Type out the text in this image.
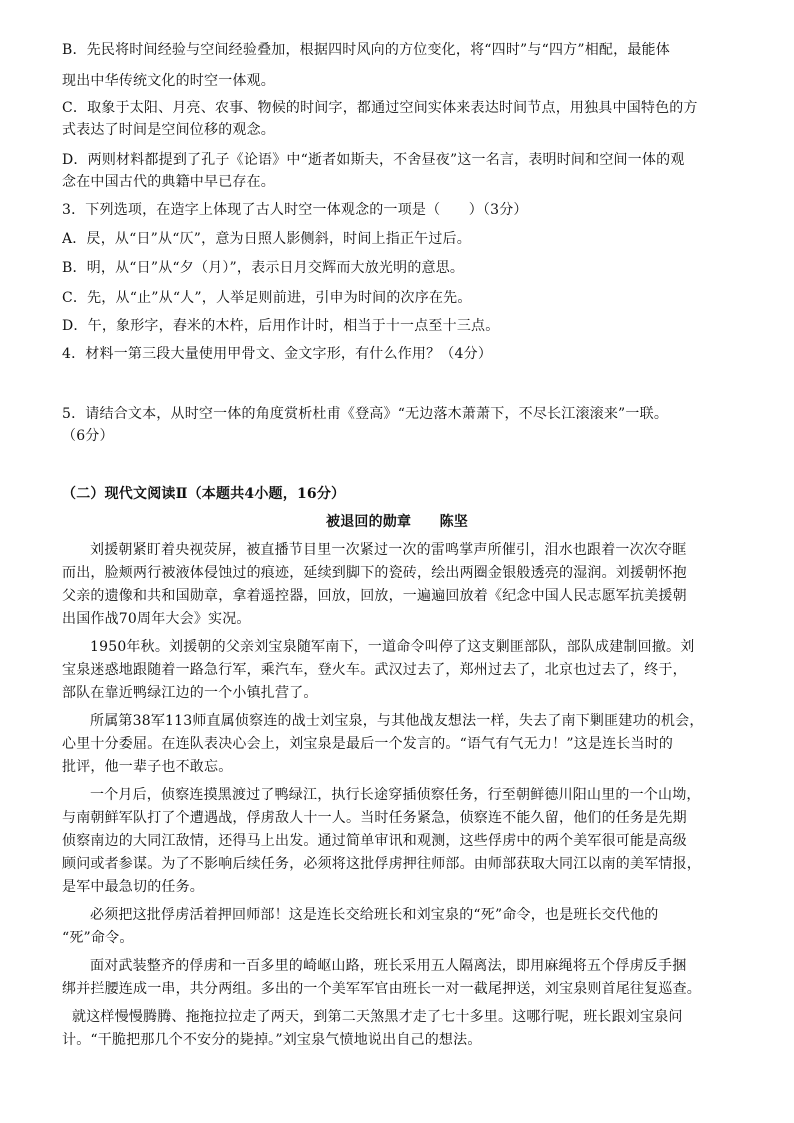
B．先民将时间经验与空间经验叠加，根据四时风向的方位变化，将“四时”与“四方”相配，最能体
现出中华传统文化的时空一体观。
C．取象于太阳、月亮、农事、物候的时间字，都通过空间实体来表达时间节点，用独具中国特色的方
式表达了时间是空间位移的观念。
D．两则材料都提到了孔子《论语》中“逝者如斯夫，不舍昼夜”这一名言，表明时间和空间一体的观
念在中国古代的典籍中早已存在。
3．下列选项，在造字上体现了古人时空一体观念的一项是（　　）（3分）
A．昃，从“日”从“仄”，意为日照人影侧斜，时间上指正午过后。
B．明，从“日”从“夕（月）”，表示日月交辉而大放光明的意思。
C．先，从“止”从“人”，人举足则前进，引申为时间的次序在先。
D．午，象形字，舂米的木杵，后用作计时，相当于十一点至十三点。
4．材料一第三段大量使用甲骨文、金文字形，有什么作用？（4分）
5．请结合文本，从时空一体的角度赏析杜甫《登高》“无边落木萧萧下，不尽长江滚滚来”一联。
（6分）
（二）现代文阅读Ⅱ（本题共4小题，16分）
被退回的勋章　　陈坚
刘援朝紧盯着央视荧屏，被直播节目里一次紧过一次的雷鸣掌声所催引，泪水也跟着一次次夺眶
而出，脸颊两行被液体侵蚀过的痕迹，延续到脚下的瓷砖，绘出两圈金银般透亮的湿润。刘援朝怀抱
父亲的遗像和共和国勋章，拿着遥控器，回放，回放，一遍遍回放着《纪念中国人民志愿军抗美援朝
出国作战70周年大会》实况。
1950年秋。刘援朝的父亲刘宝泉随军南下，一道命令叫停了这支剿匪部队，部队成建制回撤。刘
宝泉迷惑地跟随着一路急行军，乘汽车，登火车。武汉过去了，郑州过去了，北京也过去了，终于，
部队在靠近鸭绿江边的一个小镇扎营了。
所属第38军113师直属侦察连的战士刘宝泉，与其他战友想法一样，失去了南下剿匪建功的机会，
心里十分委屈。在连队表决心会上，刘宝泉是最后一个发言的。“语气有气无力！”这是连长当时的
批评，他一辈子也不敢忘。
一个月后，侦察连摸黑渡过了鸭绿江，执行长途穿插侦察任务，行至朝鲜德川阳山里的一个山坳，
与南朝鲜军队打了个遭遇战，俘虏敌人十一人。当时任务紧急，侦察连不能久留，他们的任务是先期
侦察南边的大同江敌情，还得马上出发。通过简单审讯和观测，这些俘虏中的两个美军很可能是高级
顾问或者参谋。为了不影响后续任务，必须将这批俘虏押往师部。由师部获取大同江以南的美军情报，
是军中最急切的任务。
必须把这批俘虏活着押回师部！这是连长交给班长和刘宝泉的“死”命令，也是班长交代他的
“死”命令。
面对武装整齐的俘虏和一百多里的崎岖山路，班长采用五人隔离法，即用麻绳将五个俘虏反手捆
绑并拦腰连成一串，共分两组。多出的一个美军军官由班长一对一截尾押送，刘宝泉则首尾往复巡查。
就这样慢慢腾腾、拖拖拉拉走了两天，到第二天煞黑才走了七十多里。这哪行呢，班长跟刘宝泉问
计。“干脆把那几个不安分的毙掉。”刘宝泉气愤地说出自己的想法。
